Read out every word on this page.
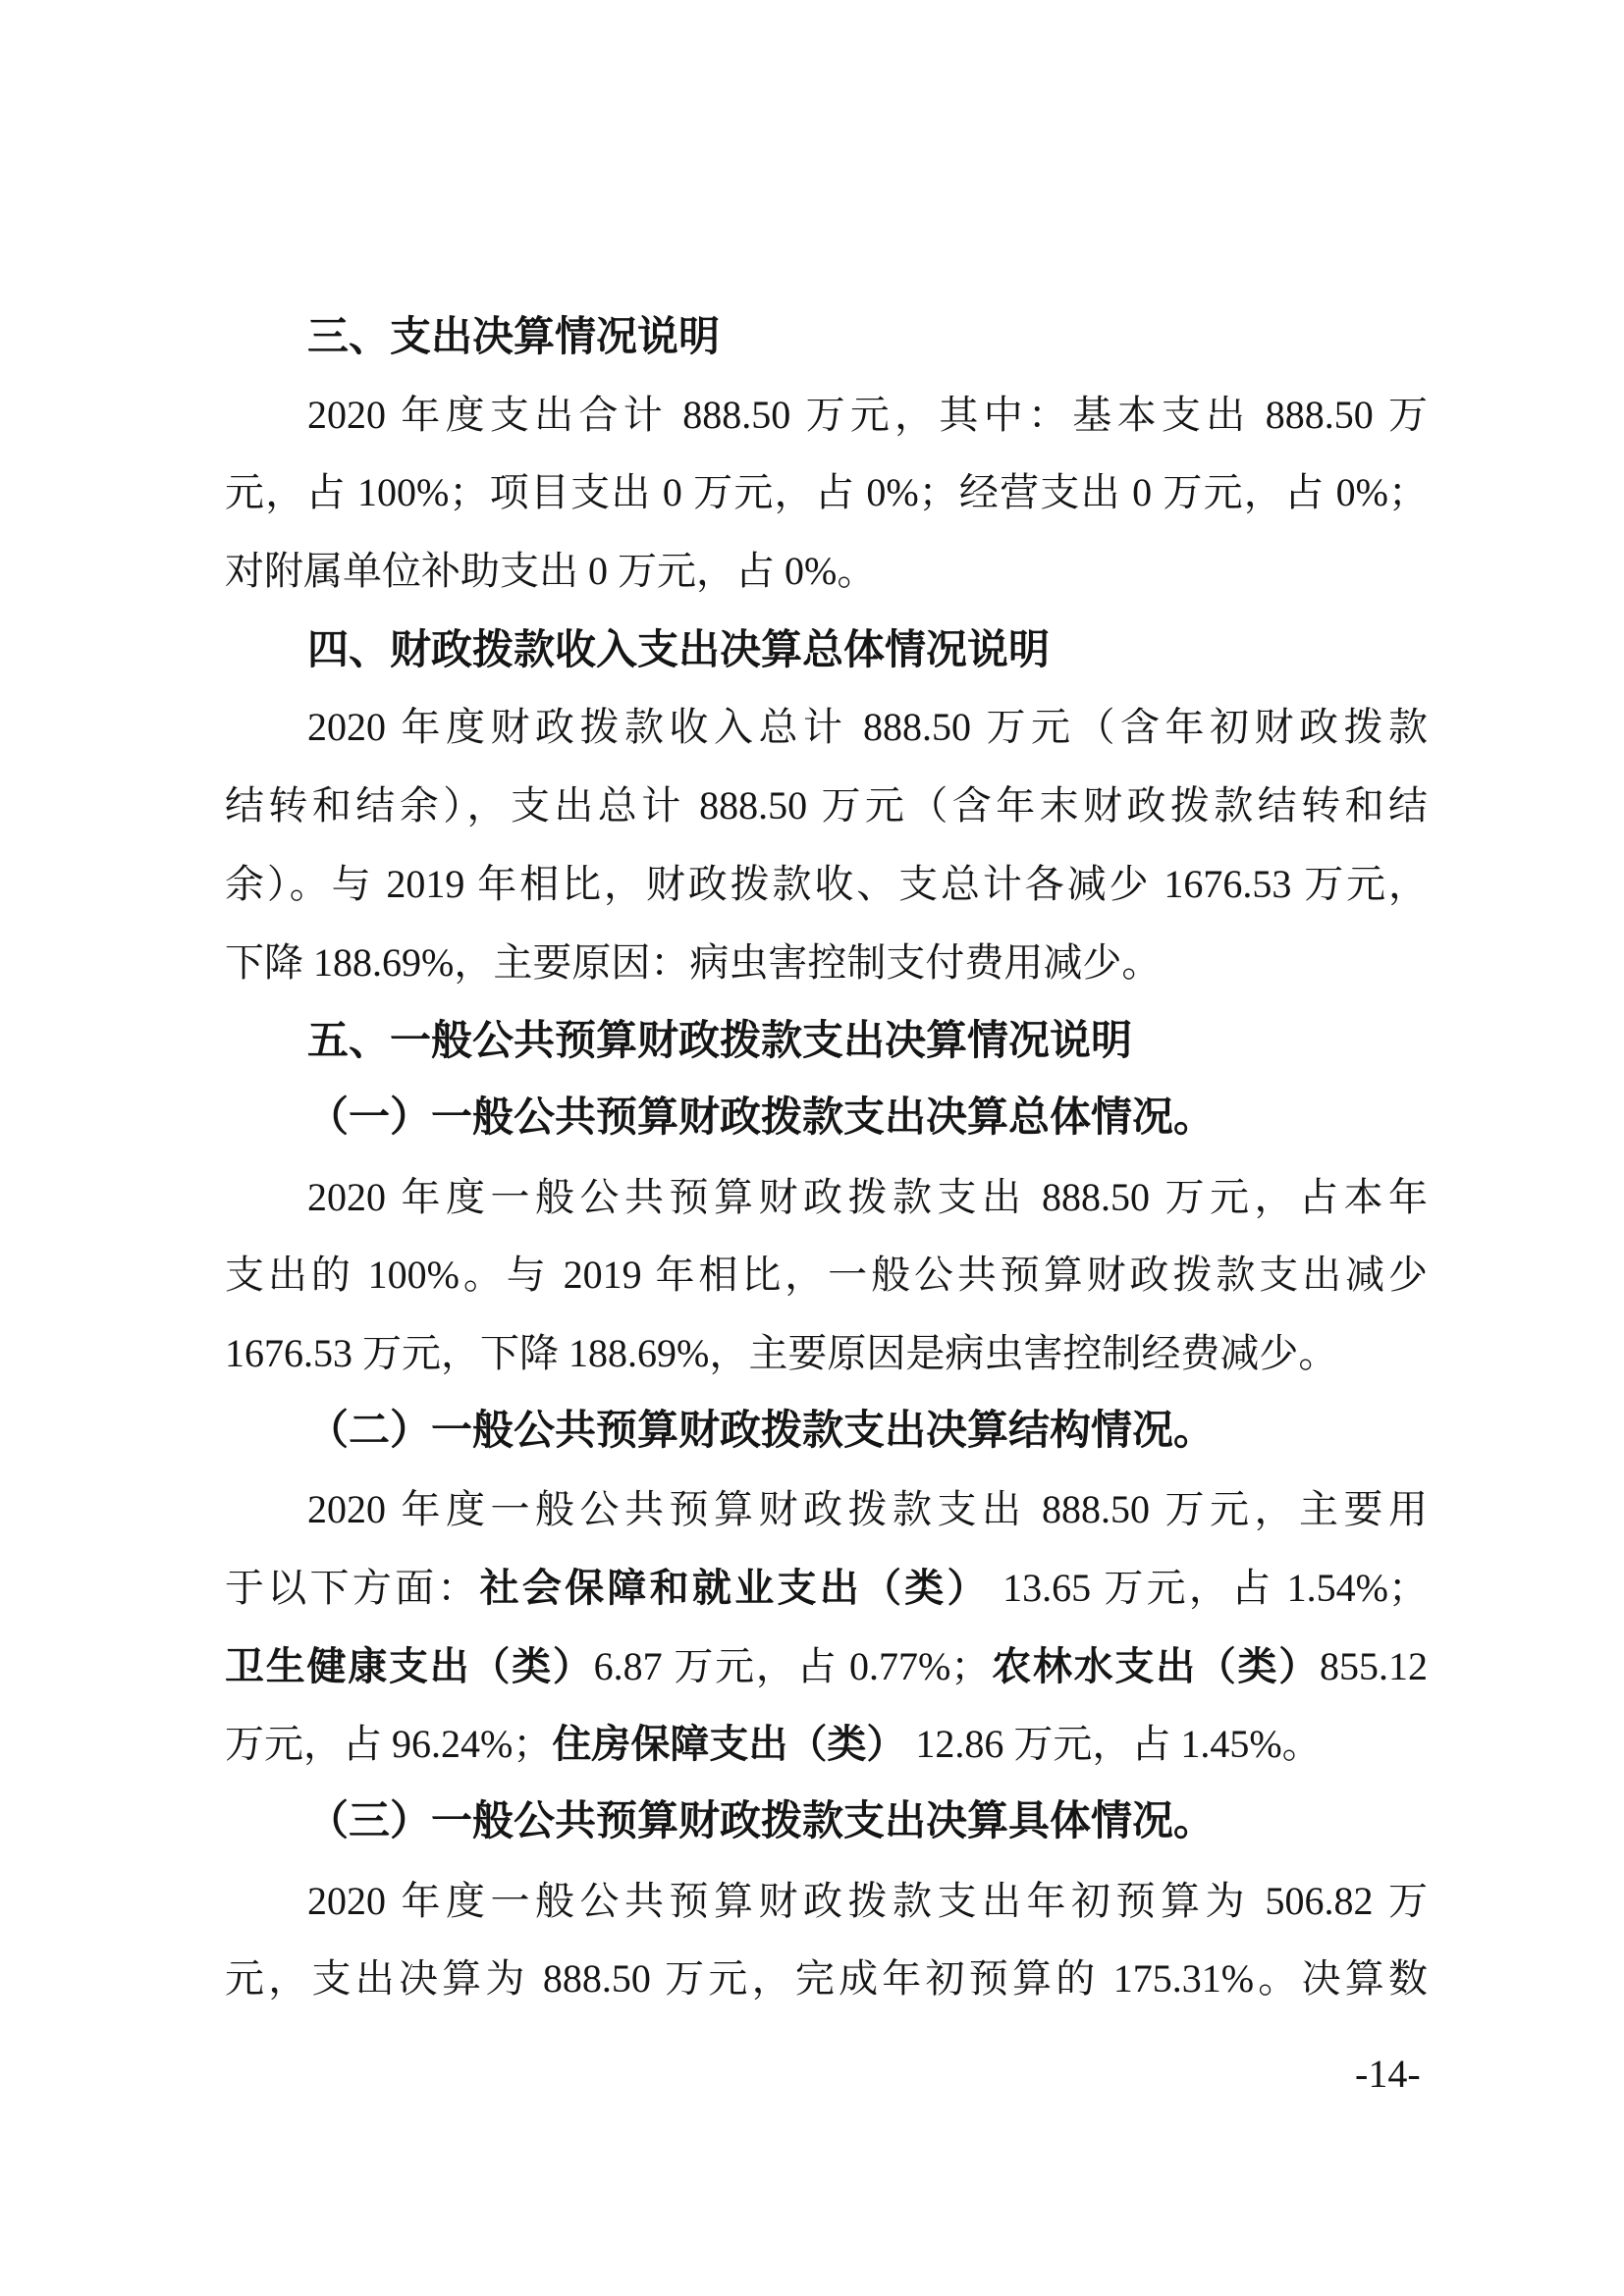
三、支出决算情况说明
2020 年度支出合计 888.50 万元，其中：基本支出 888.50 万
元，占 100%；项目支出 0 万元，占 0%；经营支出 0 万元，占 0%；
对附属单位补助支出 0 万元，占 0%。
四、财政拨款收入支出决算总体情况说明
2020 年度财政拨款收入总计 888.50 万元（含年初财政拨款
结转和结余），支出总计 888.50 万元（含年末财政拨款结转和结
余）。与 2019 年相比，财政拨款收、支总计各减少 1676.53 万元，
下降 188.69%，主要原因：病虫害控制支付费用减少。
五、一般公共预算财政拨款支出决算情况说明
（一）一般公共预算财政拨款支出决算总体情况。
2020 年度一般公共预算财政拨款支出 888.50 万元，占本年
支出的 100%。与 2019 年相比，一般公共预算财政拨款支出减少
1676.53 万元，下降 188.69%，主要原因是病虫害控制经费减少。
（二）一般公共预算财政拨款支出决算结构情况。
2020 年度一般公共预算财政拨款支出 888.50 万元，主要用
于以下方面：社会保障和就业支出（类） 13.65 万元，占 1.54%；
卫生健康支出（类）6.87 万元，占 0.77%；农林水支出（类）855.12
万元，占 96.24%；住房保障支出（类） 12.86 万元，占 1.45%。
（三）一般公共预算财政拨款支出决算具体情况。
2020 年度一般公共预算财政拨款支出年初预算为 506.82 万
元，支出决算为 888.50 万元，完成年初预算的 175.31%。决算数
-14-
